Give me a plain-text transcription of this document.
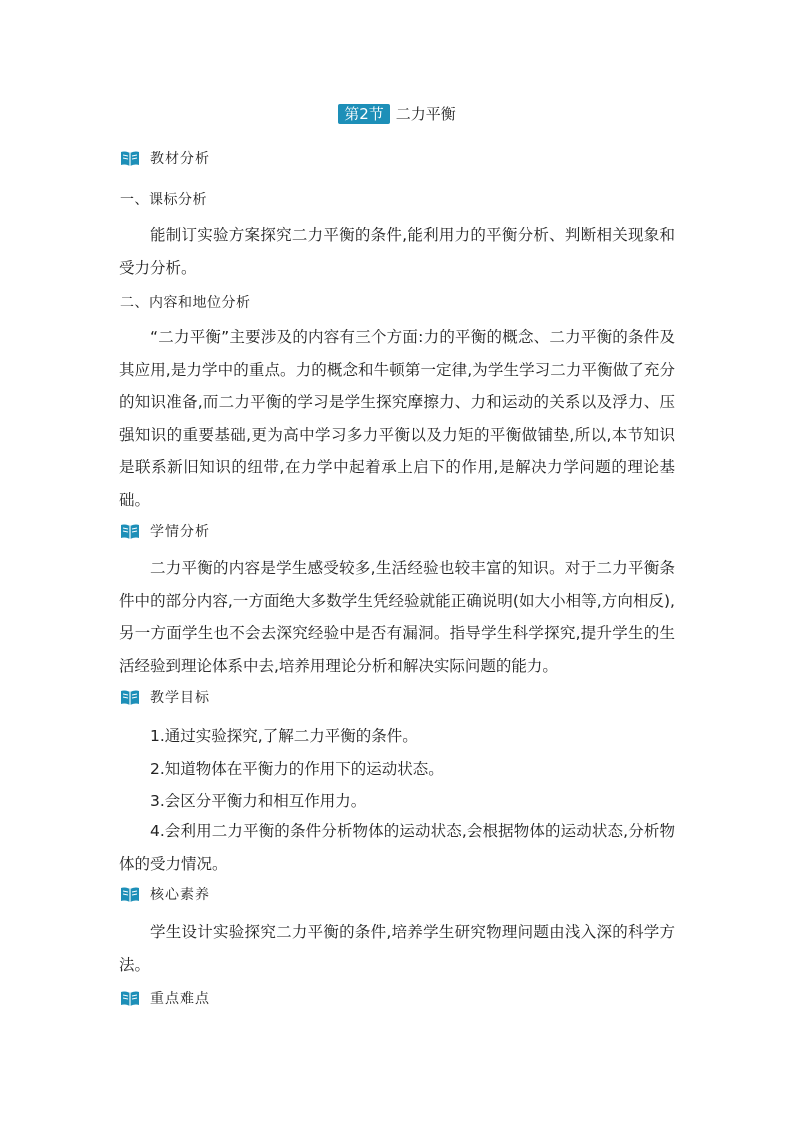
第2节 二力平衡
教材分析
一、课标分析

能制订实验方案探究二力平衡的条件,能利用力的平衡分析、判断相关现象和受力分析。

二、内容和地位分析

“二力平衡”主要涉及的内容有三个方面:力的平衡的概念、二力平衡的条件及其应用,是力学中的重点。力的概念和牛顿第一定律,为学生学习二力平衡做了充分的知识准备,而二力平衡的学习是学生探究摩擦力、力和运动的关系以及浮力、压强知识的重要基础,更为高中学习多力平衡以及力矩的平衡做铺垫,所以,本节知识是联系新旧知识的纽带,在力学中起着承上启下的作用,是解决力学问题的理论基础。

学情分析

二力平衡的内容是学生感受较多,生活经验也较丰富的知识。对于二力平衡条件中的部分内容,一方面绝大多数学生凭经验就能正确说明(如大小相等,方向相反),另一方面学生也不会去深究经验中是否有漏洞。指导学生科学探究,提升学生的生活经验到理论体系中去,培养用理论分析和解决实际问题的能力。

教学目标
1.通过实验探究,了解二力平衡的条件。
2.知道物体在平衡力的作用下的运动状态。
3.会区分平衡力和相互作用力。

4.会利用二力平衡的条件分析物体的运动状态,会根据物体的运动状态,分析物体的受力情况。

核心素养

学生设计实验探究二力平衡的条件,培养学生研究物理问题由浅入深的科学方法。

重点难点
